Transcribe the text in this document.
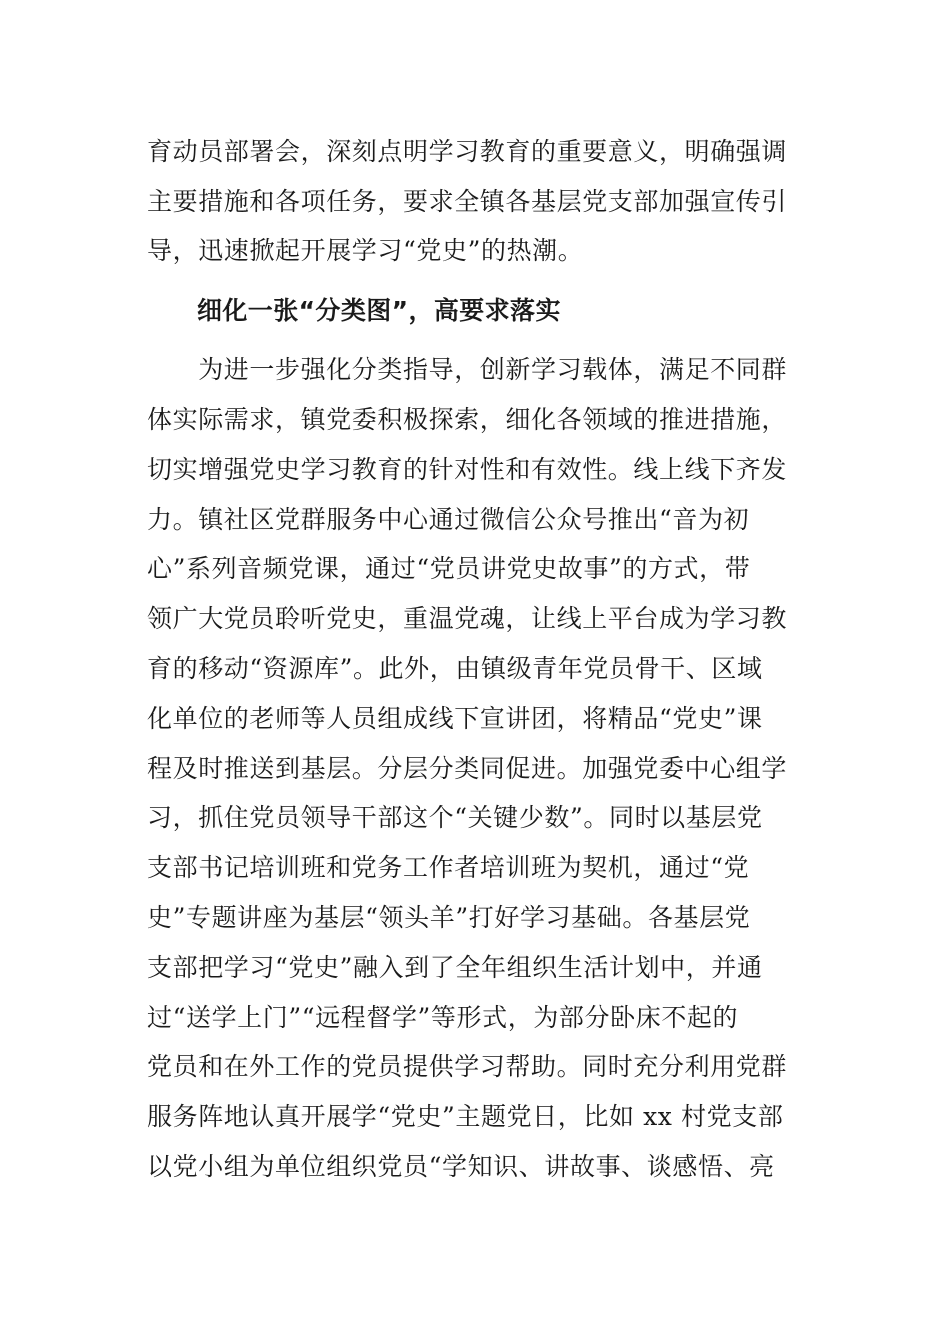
育动员部署会，深刻点明学习教育的重要意义，明确强调
主要措施和各项任务，要求全镇各基层党支部加强宣传引
导，迅速掀起开展学习“党史”的热潮。
细化一张“分类图”，高要求落实
　　为进一步强化分类指导，创新学习载体，满足不同群
体实际需求，镇党委积极探索，细化各领域的推进措施，
切实增强党史学习教育的针对性和有效性。线上线下齐发
力。镇社区党群服务中心通过微信公众号推出“音为初
心”系列音频党课，通过“党员讲党史故事”的方式，带
领广大党员聆听党史，重温党魂，让线上平台成为学习教
育的移动“资源库”。此外，由镇级青年党员骨干、区域
化单位的老师等人员组成线下宣讲团，将精品“党史”课
程及时推送到基层。分层分类同促进。加强党委中心组学
习，抓住党员领导干部这个“关键少数”。同时以基层党
支部书记培训班和党务工作者培训班为契机，通过“党
史”专题讲座为基层“领头羊”打好学习基础。各基层党
支部把学习“党史”融入到了全年组织生活计划中，并通
过“送学上门”“远程督学”等形式，为部分卧床不起的
党员和在外工作的党员提供学习帮助。同时充分利用党群
服务阵地认真开展学“党史”主题党日，比如 xx 村党支部
以党小组为单位组织党员“学知识、讲故事、谈感悟、亮
